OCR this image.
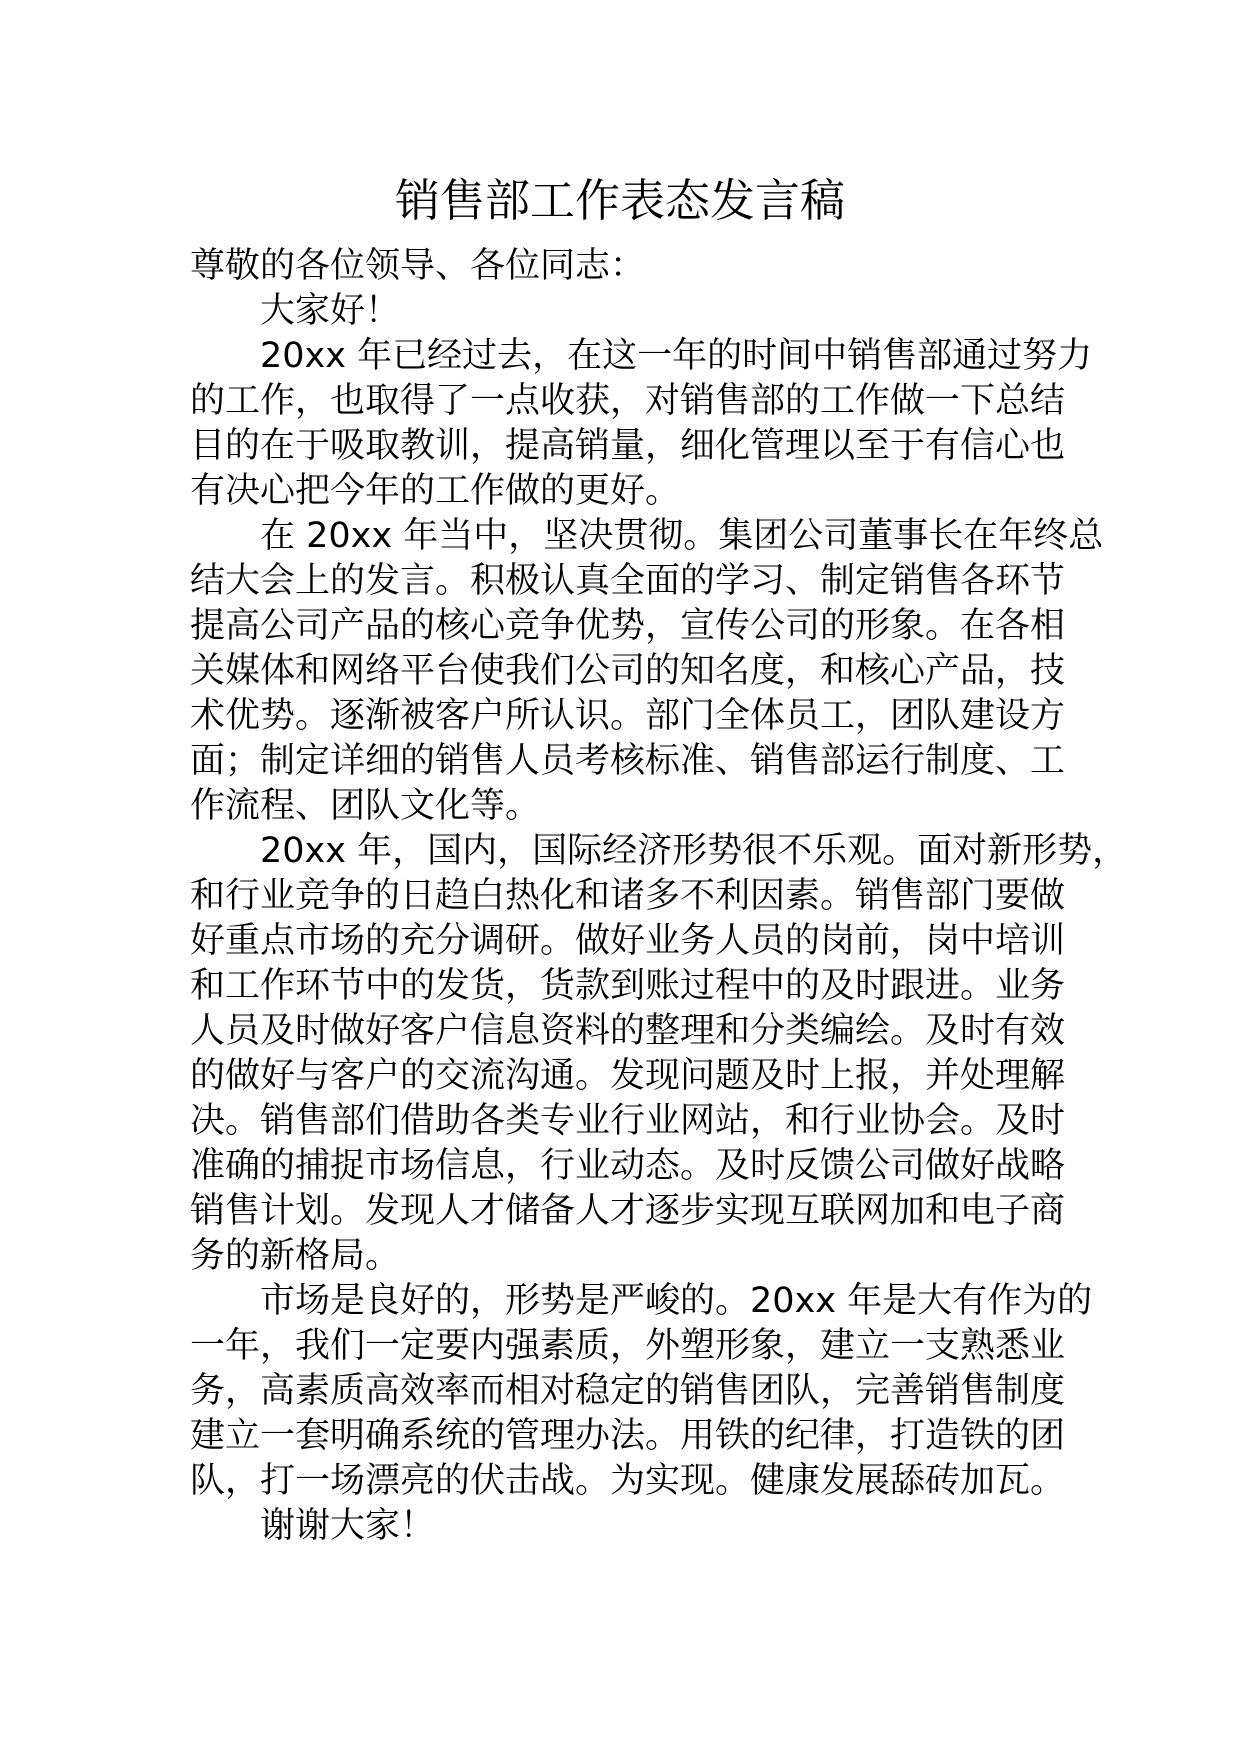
销售部工作表态发言稿

尊敬的各位领导、各位同志：

大家好！
20xx 年已经过去，在这一年的时间中销售部通过努力
的工作，也取得了一点收获，对销售部的工作做一下总结
目的在于吸取教训，提高销量，细化管理以至于有信心也
有决心把今年的工作做的更好。
在 20xx 年当中，坚决贯彻。集团公司董事长在年终总
结大会上的发言。积极认真全面的学习、制定销售各环节
提高公司产品的核心竞争优势，宣传公司的形象。在各相
关媒体和网络平台使我们公司的知名度，和核心产品，技
术优势。逐渐被客户所认识。部门全体员工，团队建设方
面；制定详细的销售人员考核标准、销售部运行制度、工
作流程、团队文化等。
20xx 年，国内，国际经济形势很不乐观。面对新形势，
和行业竞争的日趋白热化和诸多不利因素。销售部门要做
好重点市场的充分调研。做好业务人员的岗前，岗中培训
和工作环节中的发货，货款到账过程中的及时跟进。业务
人员及时做好客户信息资料的整理和分类编绘。及时有效
的做好与客户的交流沟通。发现问题及时上报，并处理解
决。销售部们借助各类专业行业网站，和行业协会。及时
准确的捕捉市场信息，行业动态。及时反馈公司做好战略
销售计划。发现人才储备人才逐步实现互联网加和电子商
务的新格局。
市场是良好的，形势是严峻的。20xx 年是大有作为的
一年，我们一定要内强素质，外塑形象，建立一支熟悉业
务，高素质高效率而相对稳定的销售团队，完善销售制度
建立一套明确系统的管理办法。用铁的纪律，打造铁的团
队，打一场漂亮的伏击战。为实现。健康发展舔砖加瓦。
谢谢大家！
